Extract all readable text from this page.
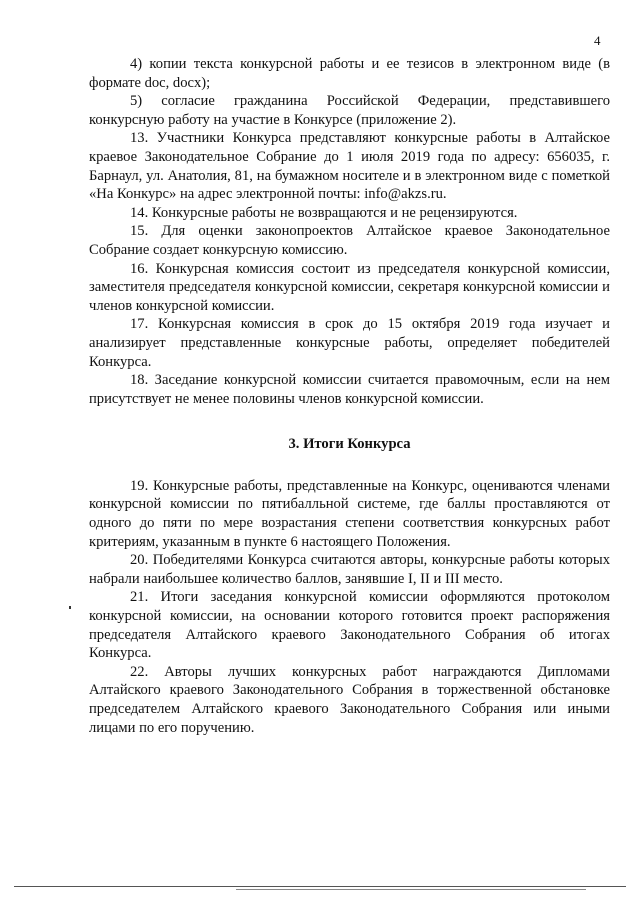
4

4) копии текста конкурсной работы и ее тезисов в электронном виде (в формате doc, docx);

5) согласие гражданина Российской Федерации, представившего конкурсную работу на участие в Конкурсе (приложение 2).

13. Участники Конкурса представляют конкурсные работы в Алтайское краевое Законодательное Собрание до 1 июля 2019 года по адресу: 656035, г. Барнаул, ул. Анатолия, 81, на бумажном носителе и в электронном виде с пометкой «На Конкурс» на адрес электронной почты: info@akzs.ru.

14. Конкурсные работы не возвращаются и не рецензируются.

15. Для оценки законопроектов Алтайское краевое Законодательное Собрание создает конкурсную комиссию.

16. Конкурсная комиссия состоит из председателя конкурсной комиссии, заместителя председателя конкурсной комиссии, секретаря конкурсной комиссии и членов конкурсной комиссии.

17. Конкурсная комиссия в срок до 15 октября 2019 года изучает и анализирует представленные конкурсные работы, определяет победителей Конкурса.

18. Заседание конкурсной комиссии считается правомочным, если на нем присутствует не менее половины членов конкурсной комиссии.

3. Итоги Конкурса

19. Конкурсные работы, представленные на Конкурс, оцениваются членами конкурсной комиссии по пятибалльной системе, где баллы проставляются от одного до пяти по мере возрастания степени соответствия конкурсных работ критериям, указанным в пункте 6 настоящего Положения.

20. Победителями Конкурса считаются авторы, конкурсные работы которых набрали наибольшее количество баллов, занявшие I, II и III место.

21. Итоги заседания конкурсной комиссии оформляются протоколом конкурсной комиссии, на основании которого готовится проект распоряжения председателя Алтайского краевого Законодательного Собрания об итогах Конкурса.

22. Авторы лучших конкурсных работ награждаются Дипломами Алтайского краевого Законодательного Собрания в торжественной обстановке председателем Алтайского краевого Законодательного Собрания или иными лицами по его поручению.
